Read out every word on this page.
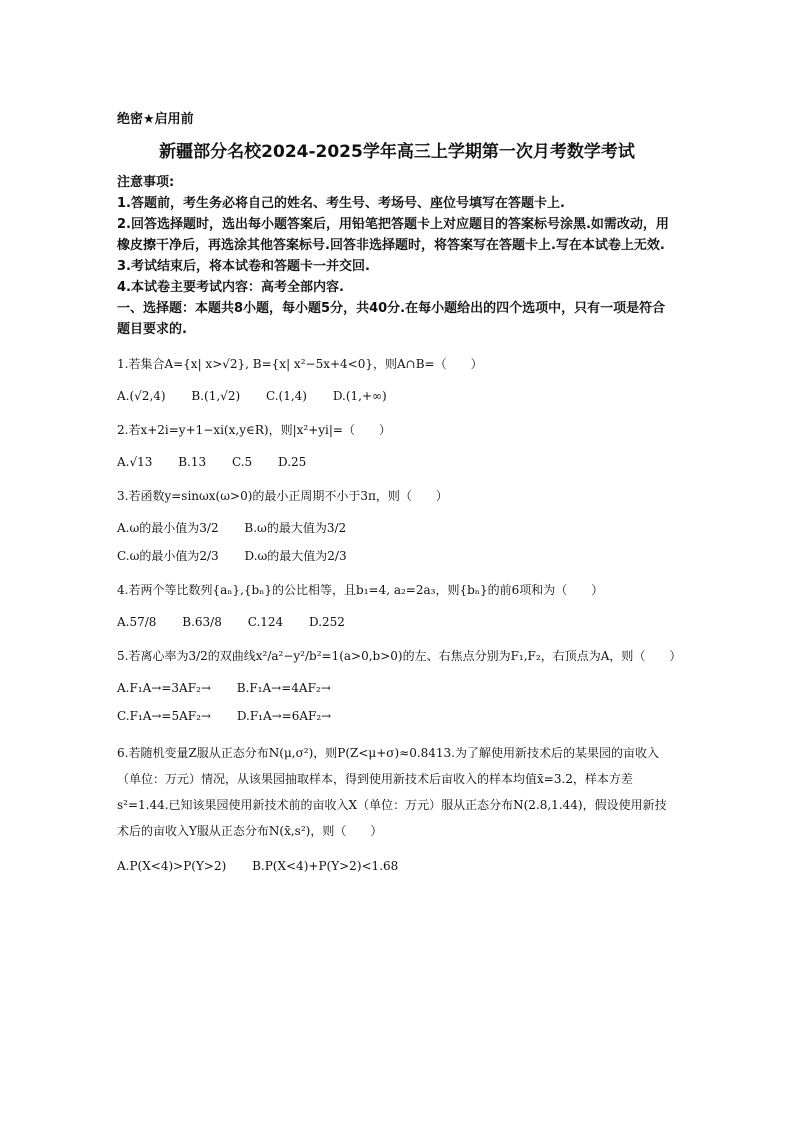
绝密★启用前
新疆部分名校2024-2025学年高三上学期第一次月考数学考试
注意事项:
1.答题前，考生务必将自己的姓名、考生号、考场号、座位号填写在答题卡上.
2.回答选择题时，选出每小题答案后，用铅笔把答题卡上对应题目的答案标号涂黑.如需改动，用橡皮擦干净后，再选涂其他答案标号.回答非选择题时，将答案写在答题卡上.写在本试卷上无效.
3.考试结束后，将本试卷和答题卡一并交回.
4.本试卷主要考试内容：高考全部内容.
一、选择题：本题共8小题，每小题5分，共40分.在每小题给出的四个选项中，只有一项是符合题目要求的.
1.若集合A={x| x>√2}, B={x| x²−5x+4<0}，则A∩B=（　　）
A.(√2,4) B.(1,√2) C.(1,4) D.(1,+∞)
2.若x+2i=y+1−xi(x,y∈R)，则|x²+yi|=（　　）
A.√13 B.13 C.5 D.25
3.若函数y=sinωx(ω>0)的最小正周期不小于3π，则（　　）
A.ω的最小值为3/2 B.ω的最大值为3/2
C.ω的最小值为2/3 D.ω的最大值为2/3
4.若两个等比数列{aₙ},{bₙ}的公比相等，且b₁=4, a₂=2a₃，则{bₙ}的前6项和为（　　）
A.57/8 B.63/8 C.124 D.252
5.若离心率为3/2的双曲线x²/a²−y²/b²=1(a>0,b>0)的左、右焦点分别为F₁,F₂，右顶点为A，则（　　）
A.F₁A→=3AF₂→ B.F₁A→=4AF₂→
C.F₁A→=5AF₂→ D.F₁A→=6AF₂→
6.若随机变量Z服从正态分布N(μ,σ²)，则P(Z<μ+σ)≈0.8413.为了解使用新技术后的某果园的亩收入（单位：万元）情况，从该果园抽取样本，得到使用新技术后亩收入的样本均值x̄=3.2，样本方差s²=1.44.已知该果园使用新技术前的亩收入X（单位：万元）服从正态分布N(2.8,1.44)，假设使用新技术后的亩收入Y服从正态分布N(x̄,s²)，则（　　）
A.P(X<4)>P(Y>2) B.P(X<4)+P(Y>2)<1.68
